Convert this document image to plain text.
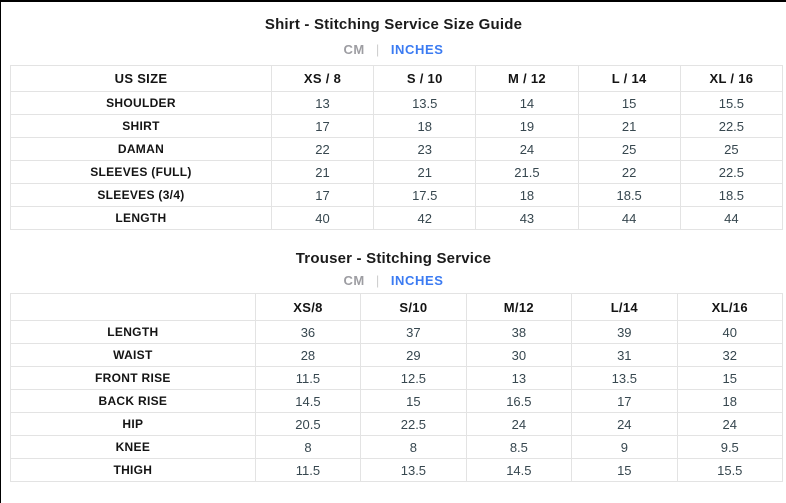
Shirt - Stitching Service Size Guide
CM | INCHES
US SIZE	XS / 8	S / 10	M / 12	L / 14	XL / 16
SHOULDER	13	13.5	14	15	15.5
SHIRT	17	18	19	21	22.5
DAMAN	22	23	24	25	25
SLEEVES (FULL)	21	21	21.5	22	22.5
SLEEVES (3/4)	17	17.5	18	18.5	18.5
LENGTH	40	42	43	44	44
Trouser - Stitching Service
CM | INCHES
	XS/8	S/10	M/12	L/14	XL/16
LENGTH	36	37	38	39	40
WAIST	28	29	30	31	32
FRONT RISE	11.5	12.5	13	13.5	15
BACK RISE	14.5	15	16.5	17	18
HIP	20.5	22.5	24	24	24
KNEE	8	8	8.5	9	9.5
THIGH	11.5	13.5	14.5	15	15.5
